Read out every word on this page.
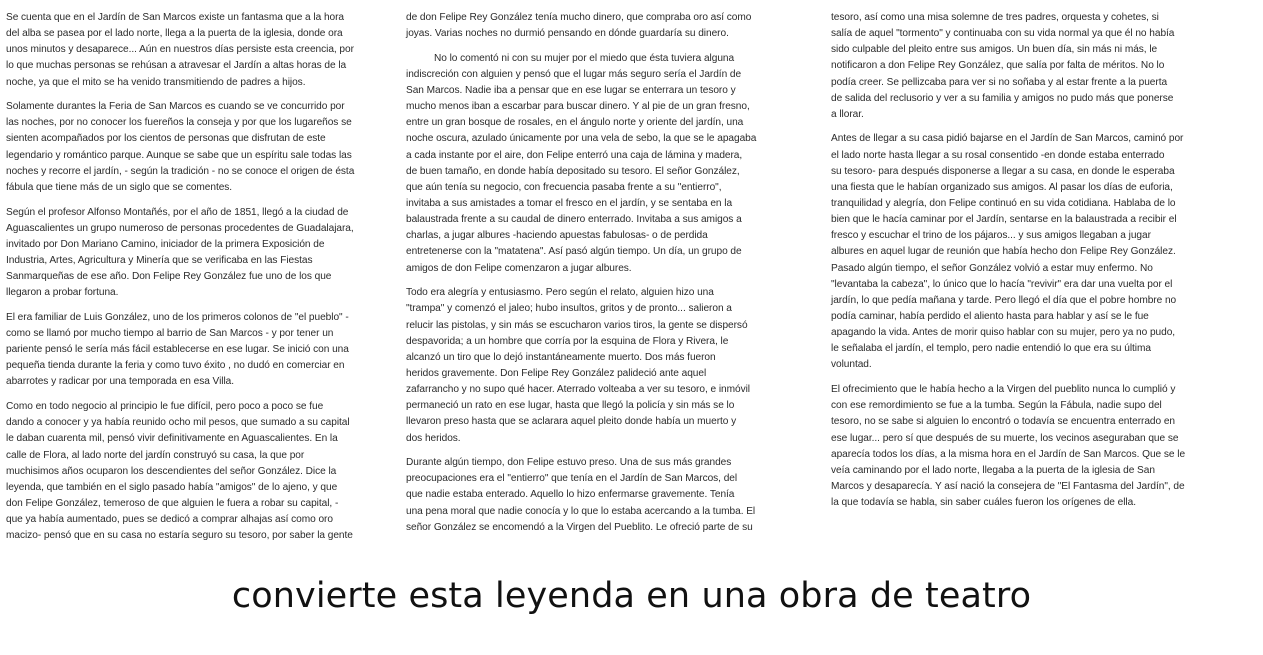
Se cuenta que en el Jardín de San Marcos existe un fantasma que a la hora
del alba se pasea por el lado norte, llega a la puerta de la iglesia, donde ora
unos minutos y desaparece... Aún en nuestros días persiste esta creencia, por
lo que muchas personas se rehúsan a atravesar el Jardín a altas horas de la
noche, ya que el mito se ha venido transmitiendo de padres a hijos.

Solamente durantes la Feria de San Marcos es cuando se ve concurrido por
las noches, por no conocer los fuereños la conseja y por que los lugareños se
sienten acompañados por los cientos de personas que disfrutan de este
legendario y romántico parque. Aunque se sabe que un espíritu sale todas las
noches y recorre el jardín, - según la tradición - no se conoce el origen de ésta
fábula que tiene más de un siglo que se comentes.

Según el profesor Alfonso Montañés, por el año de 1851, llegó a la ciudad de
Aguascalientes un grupo numeroso de personas procedentes de Guadalajara,
invitado por Don Mariano Camino, iniciador de la primera Exposición de
Industria, Artes, Agricultura y Minería que se verificaba en las Fiestas
Sanmarqueñas de ese año. Don Felipe Rey González fue uno de los que
llegaron a probar fortuna.

El era familiar de Luis González, uno de los primeros colonos de "el pueblo" -
como se llamó por mucho tiempo al barrio de San Marcos - y por tener un
pariente pensó le sería más fácil establecerse en ese lugar. Se inició con una
pequeña tienda durante la feria y como tuvo éxito , no dudó en comerciar en
abarrotes y radicar por una temporada en esa Villa.

Como en todo negocio al principio le fue difícil, pero poco a poco se fue
dando a conocer y ya había reunido ocho mil pesos, que sumado a su capital
le daban cuarenta mil, pensó vivir definitivamente en Aguascalientes. En la
calle de Flora, al lado norte del jardín construyó su casa, la que por
muchisimos años ocuparon los descendientes del señor González. Dice la
leyenda, que también en el siglo pasado había "amigos" de lo ajeno, y que
don Felipe González, temeroso de que alguien le fuera a robar su capital, -
que ya había aumentado, pues se dedicó a comprar alhajas así como oro
macizo- pensó que en su casa no estaría seguro su tesoro, por saber la gente

de don Felipe Rey González tenía mucho dinero, que compraba oro así como
joyas. Varias noches no durmió pensando en dónde guardaría su dinero.

No lo comentó ni con su mujer por el miedo que ésta tuviera alguna
indiscreción con alguien y pensó que el lugar más seguro sería el Jardín de
San Marcos. Nadie iba a pensar que en ese lugar se enterrara un tesoro y
mucho menos iban a escarbar para buscar dinero. Y al pie de un gran fresno,
entre un gran bosque de rosales, en el ángulo norte y oriente del jardín, una
noche oscura, azulado únicamente por una vela de sebo, la que se le apagaba
a cada instante por el aire, don Felipe enterró una caja de lámina y madera,
de buen tamaño, en donde había depositado su tesoro. El señor González,
que aún tenía su negocio, con frecuencia pasaba frente a su "entierro",
invitaba a sus amistades a tomar el fresco en el jardín, y se sentaba en la
balaustrada frente a su caudal de dinero enterrado. Invitaba a sus amigos a
charlas, a jugar albures -haciendo apuestas fabulosas- o de perdida
entretenerse con la "matatena". Así pasó algún tiempo. Un día, un grupo de
amigos de don Felipe comenzaron a jugar albures.

Todo era alegría y entusiasmo. Pero según el relato, alguien hizo una
"trampa" y comenzó el jaleo; hubo insultos, gritos y de pronto... salieron a
relucir las pistolas, y sin más se escucharon varios tiros, la gente se dispersó
despavorida; a un hombre que corría por la esquina de Flora y Rivera, le
alcanzó un tiro que lo dejó instantáneamente muerto. Dos más fueron
heridos gravemente. Don Felipe Rey González palideció ante aquel
zafarrancho y no supo qué hacer. Aterrado volteaba a ver su tesoro, e inmóvil
permaneció un rato en ese lugar, hasta que llegó la policía y sin más se lo
llevaron preso hasta que se aclarara aquel pleito donde había un muerto y
dos heridos.

Durante algún tiempo, don Felipe estuvo preso. Una de sus más grandes
preocupaciones era el "entierro" que tenía en el Jardín de San Marcos, del
que nadie estaba enterado. Aquello lo hizo enfermarse gravemente. Tenía
una pena moral que nadie conocía y lo que lo estaba acercando a la tumba. El
señor González se encomendó a la Virgen del Pueblito. Le ofreció parte de su

tesoro, así como una misa solemne de tres padres, orquesta y cohetes, si
salía de aquel "tormento" y continuaba con su vida normal ya que él no había
sido culpable del pleito entre sus amigos. Un buen día, sin más ni más, le
notificaron a don Felipe Rey González, que salía por falta de méritos. No lo
podía creer. Se pellizcaba para ver si no soñaba y al estar frente a la puerta
de salida del reclusorio y ver a su familia y amigos no pudo más que ponerse
a llorar.

Antes de llegar a su casa pidió bajarse en el Jardín de San Marcos, caminó por
el lado norte hasta llegar a su rosal consentido -en donde estaba enterrado
su tesoro- para después disponerse a llegar a su casa, en donde le esperaba
una fiesta que le habían organizado sus amigos. Al pasar los días de euforia,
tranquilidad y alegría, don Felipe continuó en su vida cotidiana. Hablaba de lo
bien que le hacía caminar por el Jardín, sentarse en la balaustrada a recibir el
fresco y escuchar el trino de los pájaros... y sus amigos llegaban a jugar
albures en aquel lugar de reunión que había hecho don Felipe Rey González.
Pasado algún tiempo, el señor González volvió a estar muy enfermo. No
"levantaba la cabeza", lo único que lo hacía "revivir" era dar una vuelta por el
jardín, lo que pedía mañana y tarde. Pero llegó el día que el pobre hombre no
podía caminar, había perdido el aliento hasta para hablar y así se le fue
apagando la vida. Antes de morir quiso hablar con su mujer, pero ya no pudo,
le señalaba el jardín, el templo, pero nadie entendió lo que era su última
voluntad.

El ofrecimiento que le había hecho a la Virgen del pueblito nunca lo cumplió y
con ese remordimiento se fue a la tumba. Según la Fábula, nadie supo del
tesoro, no se sabe si alguien lo encontró o todavía se encuentra enterrado en
ese lugar... pero sí que después de su muerte, los vecinos aseguraban que se
aparecía todos los días, a la misma hora en el Jardín de San Marcos. Que se le
veía caminando por el lado norte, llegaba a la puerta de la iglesia de San
Marcos y desaparecía. Y así nació la consejera de "El Fantasma del Jardín", de
la que todavía se habla, sin saber cuáles fueron los orígenes de ella.

convierte esta leyenda en una obra de teatro
